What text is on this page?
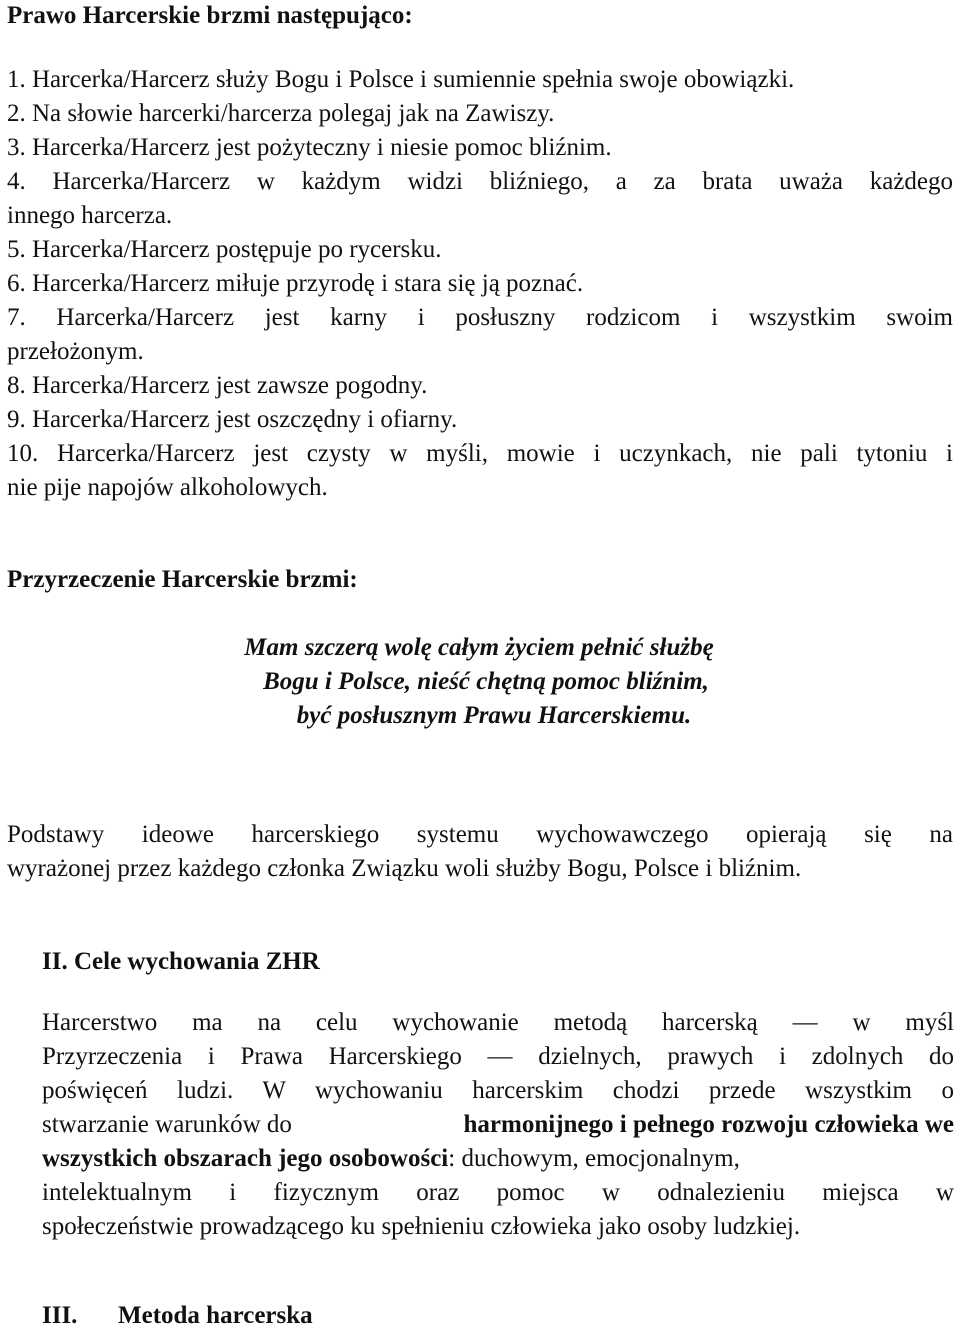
Prawo Harcerskie brzmi następująco:
1. Harcerka/Harcerz służy Bogu i Polsce i sumiennie spełnia swoje obowiązki.
2. Na słowie harcerki/harcerza polegaj jak na Zawiszy.
3. Harcerka/Harcerz jest pożyteczny i niesie pomoc bliźnim.
4. Harcerka/Harcerz w każdym widzi bliźniego, a za brata uważa każdego
innego harcerza.
5. Harcerka/Harcerz postępuje po rycersku.
6. Harcerka/Harcerz miłuje przyrodę i stara się ją poznać.
7. Harcerka/Harcerz jest karny i posłuszny rodzicom i wszystkim swoim
przełożonym.
8. Harcerka/Harcerz jest zawsze pogodny.
9. Harcerka/Harcerz jest oszczędny i ofiarny.
10. Harcerka/Harcerz jest czysty w myśli, mowie i uczynkach, nie pali tytoniu i
nie pije napojów alkoholowych.
Przyrzeczenie Harcerskie brzmi:
Mam szczerą wolę całym życiem pełnić służbę
Bogu i Polsce, nieść chętną pomoc bliźnim,
być posłusznym Prawu Harcerskiemu.
Podstawy ideowe harcerskiego systemu wychowawczego opierają się na
wyrażonej przez każdego członka Związku woli służby Bogu, Polsce i bliźnim.
II. Cele wychowania ZHR
Harcerstwo ma na celu wychowanie metodą harcerską — w myśl
Przyrzeczenia i Prawa Harcerskiego — dzielnych, prawych i zdolnych do
poświęceń ludzi. W wychowaniu harcerskim chodzi przede wszystkim o
stwarzanie warunków do	harmonijnego i pełnego rozwoju człowieka we
wszystkich obszarach jego osobowości: duchowym, emocjonalnym,
intelektualnym i fizycznym oraz pomoc w odnalezieniu miejsca w
społeczeństwie prowadzącego ku spełnieniu człowieka jako osoby ludzkiej.
III. Metoda harcerska
